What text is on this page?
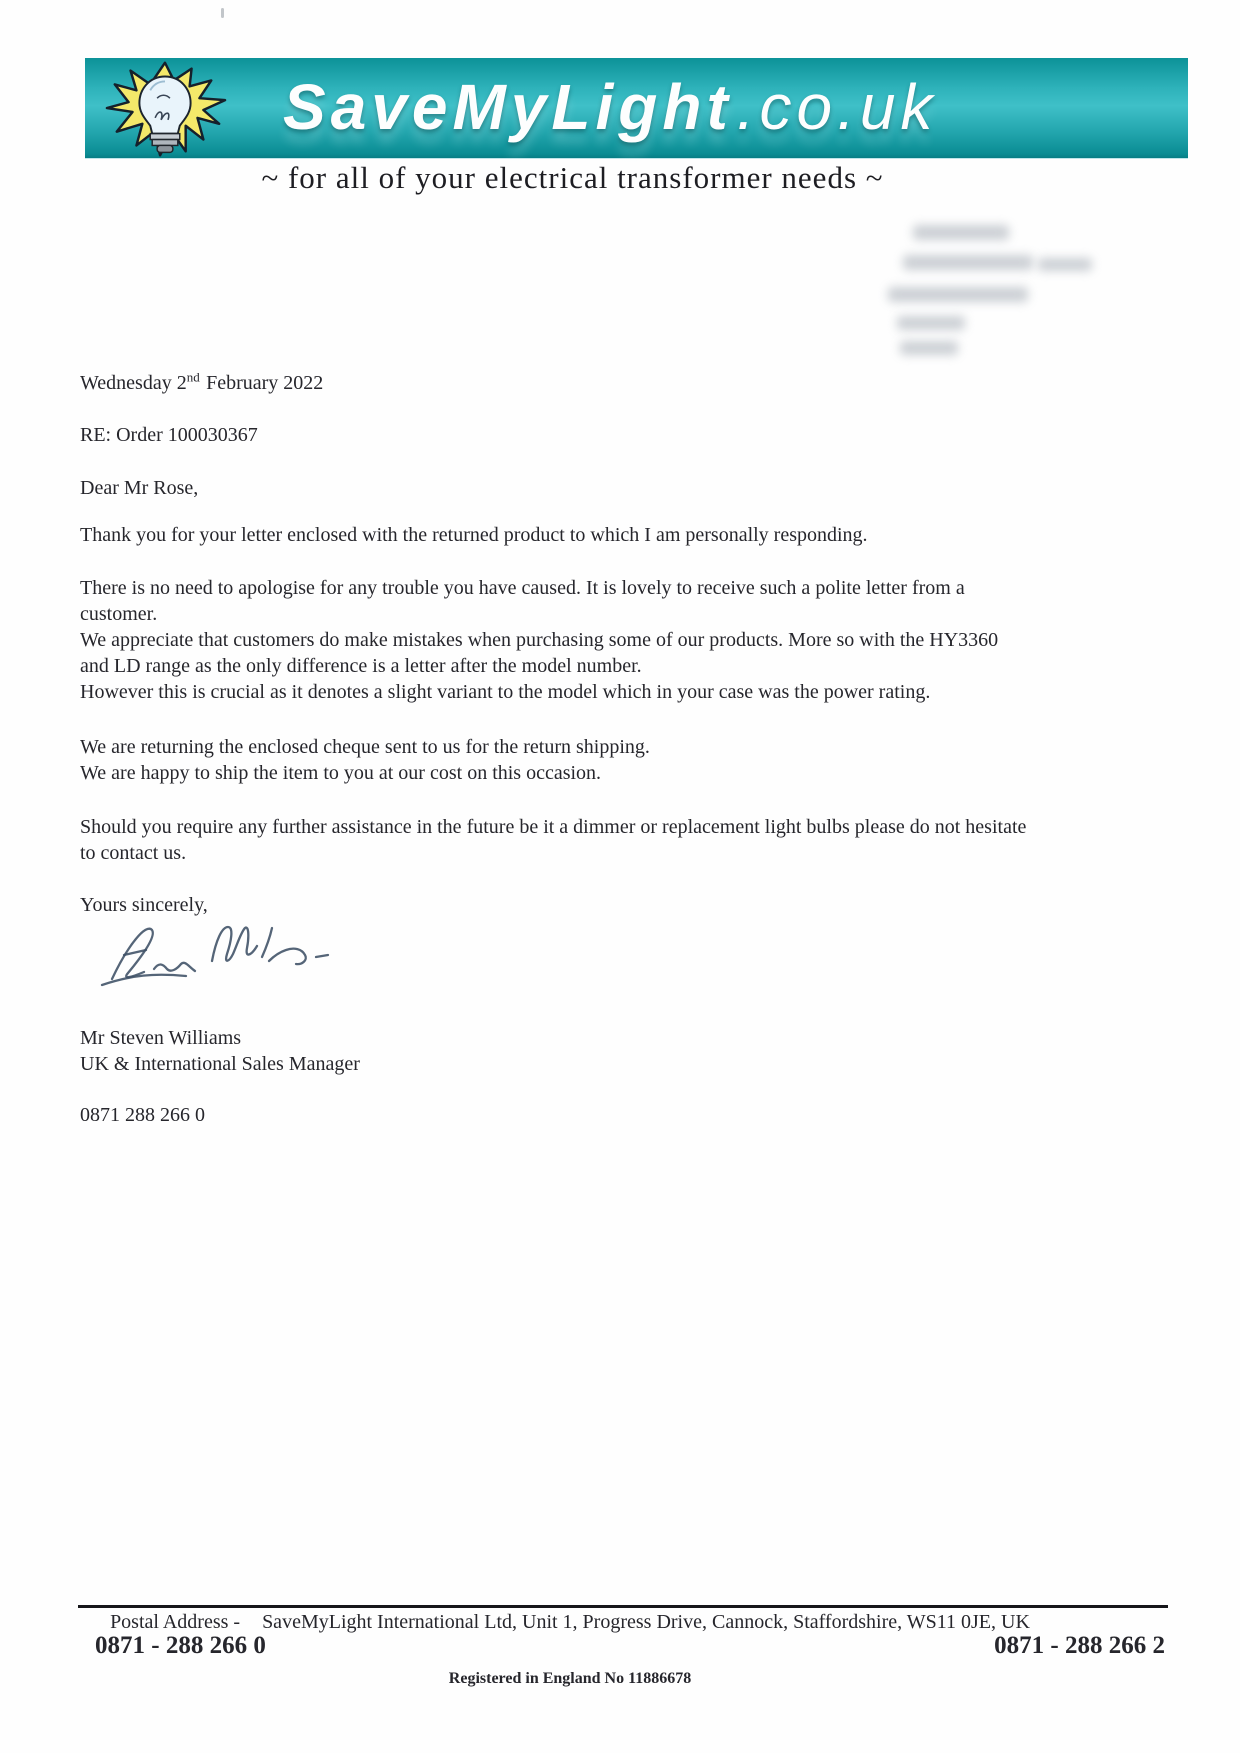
SaveMyLight.co.uk
~ for all of your electrical transformer needs ~
Wednesday 2nd February 2022
RE: Order 100030367
Dear Mr Rose,
Thank you for your letter enclosed with the returned product to which I am personally responding.
There is no need to apologise for any trouble you have caused. It is lovely to receive such a polite letter from a
customer.
We appreciate that customers do make mistakes when purchasing some of our products. More so with the HY3360
and LD range as the only difference is a letter after the model number.
However this is crucial as it denotes a slight variant to the model which in your case was the power rating.
We are returning the enclosed cheque sent to us for the return shipping.
We are happy to ship the item to you at our cost on this occasion.
Should you require any further assistance in the future be it a dimmer or replacement light bulbs please do not hesitate
to contact us.
Yours sincerely,
Mr Steven Williams
UK & International Sales Manager
0871 288 266 0
Postal Address - SaveMyLight International Ltd, Unit 1, Progress Drive, Cannock, Staffordshire, WS11 0JE, UK
0871 - 288 266 0	0871 - 288 266 2
Registered in England No 11886678
